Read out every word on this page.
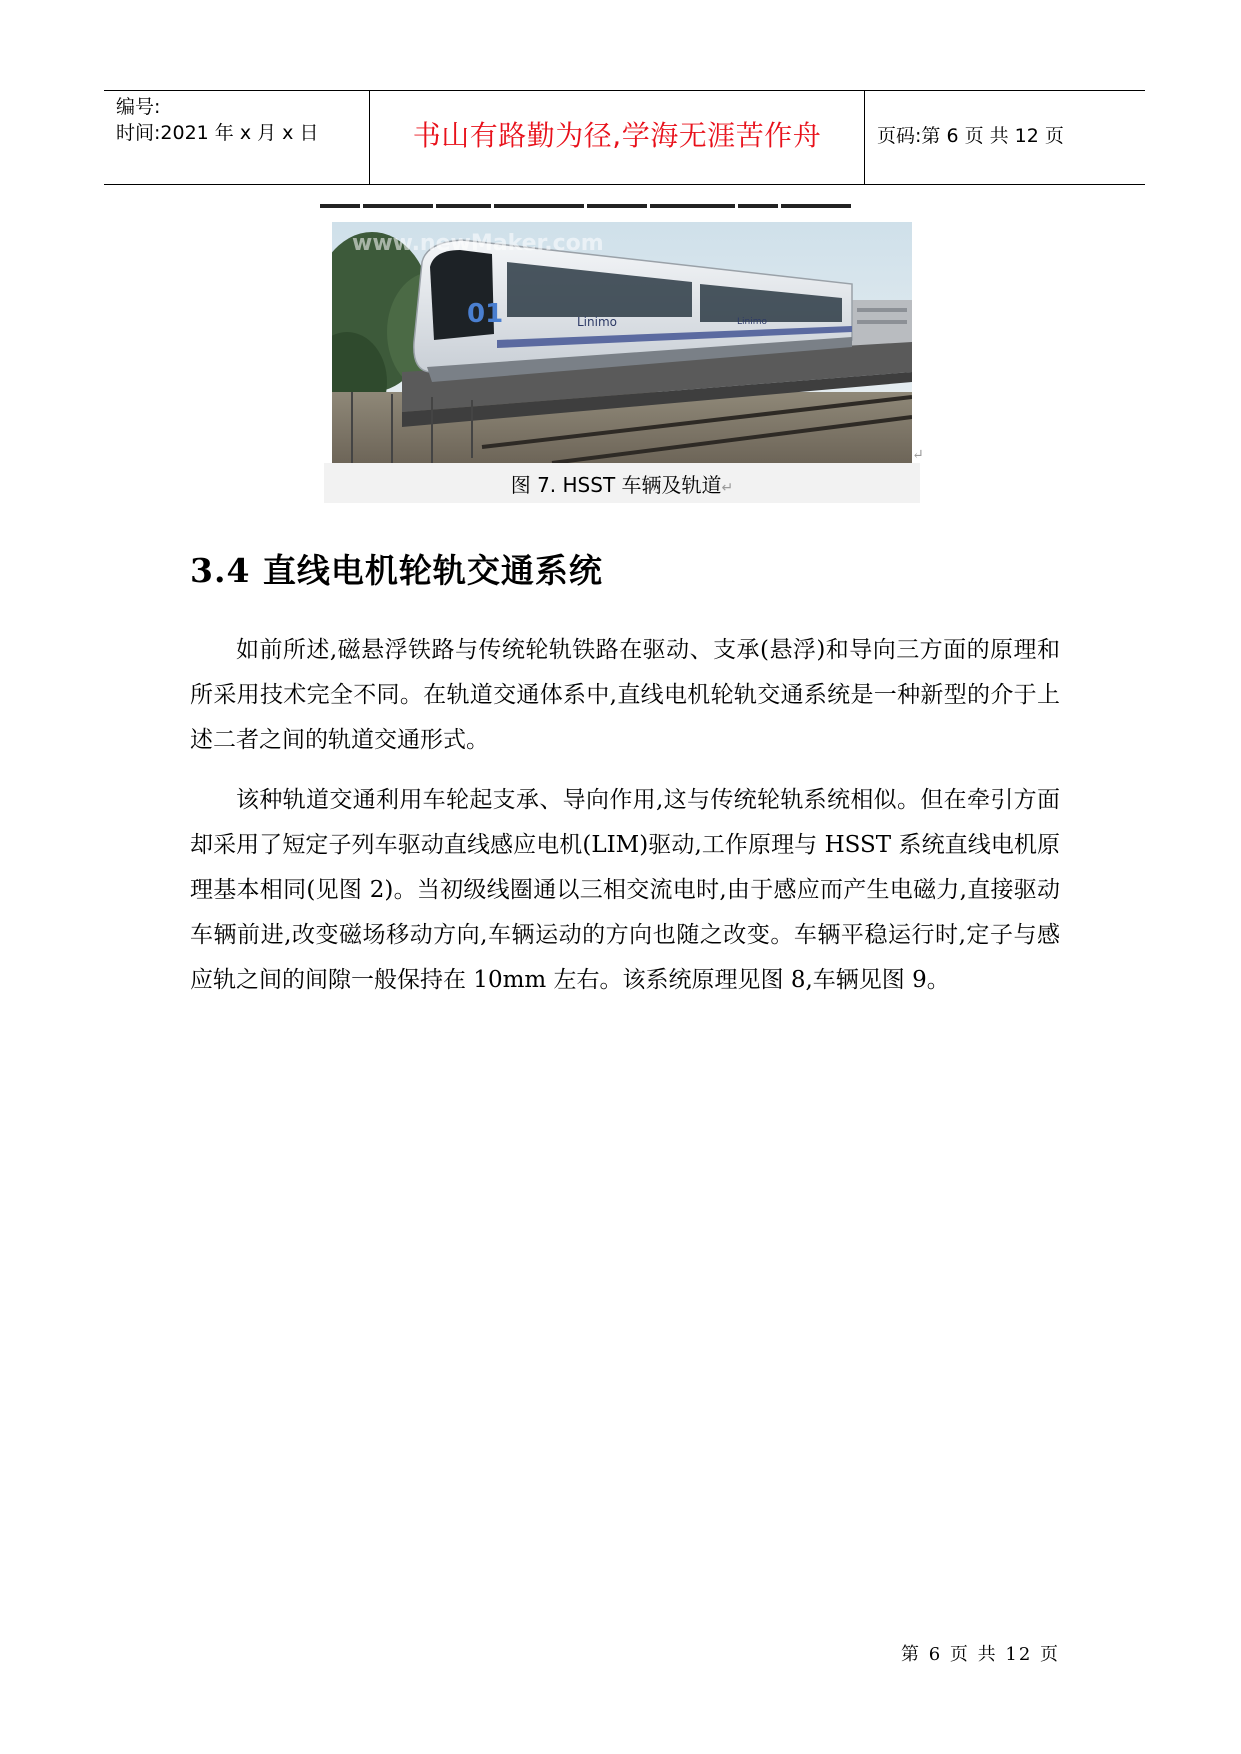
编号:
时间:2021 年 x 月 x 日	书山有路勤为径,学海无涯苦作舟	页码:第 6 页 共 12 页
01	Linimo	Linimo
www.newMaker.com
↵
图 7. HSST 车辆及轨道↵
3.4 直线电机轮轨交通系统
如前所述,磁悬浮铁路与传统轮轨铁路在驱动、支承(悬浮)和导向三方面的原理和所采用技术完全不同。在轨道交通体系中,直线电机轮轨交通系统是一种新型的介于上述二者之间的轨道交通形式。
该种轨道交通利用车轮起支承、导向作用,这与传统轮轨系统相似。但在牵引方面却采用了短定子列车驱动直线感应电机(LIM)驱动,工作原理与 HSST 系统直线电机原理基本相同(见图 2)。当初级线圈通以三相交流电时,由于感应而产生电磁力,直接驱动车辆前进,改变磁场移动方向,车辆运动的方向也随之改变。车辆平稳运行时,定子与感应轨之间的间隙一般保持在 10mm 左右。该系统原理见图 8,车辆见图 9。
第 6 页 共 12 页
